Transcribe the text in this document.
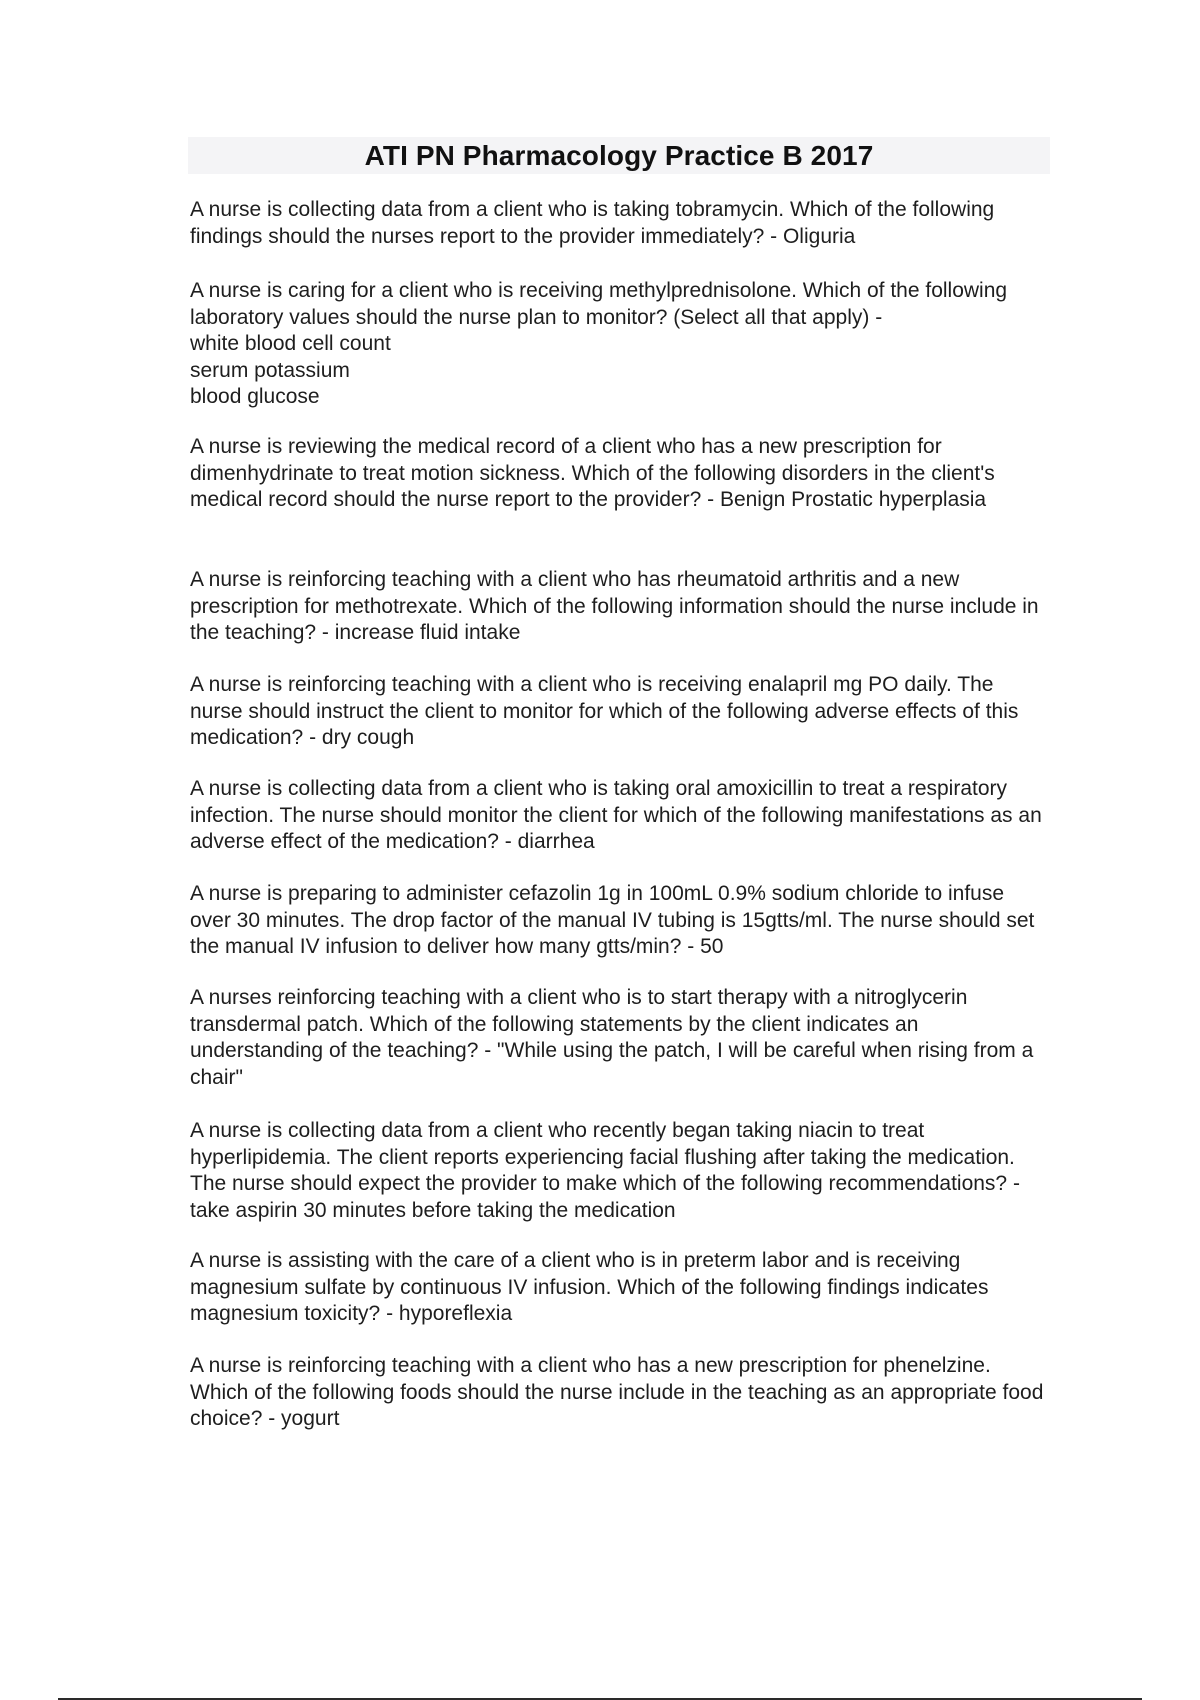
ATI PN Pharmacology Practice B 2017

A nurse is collecting data from a client who is taking tobramycin. Which of the following findings should the nurses report to the provider immediately? - Oliguria

A nurse is caring for a client who is receiving methylprednisolone. Which of the following laboratory values should the nurse plan to monitor? (Select all that apply) -

white blood cell count
serum potassium
blood glucose

A nurse is reviewing the medical record of a client who has a new prescription for dimenhydrinate to treat motion sickness. Which of the following disorders in the client's medical record should the nurse report to the provider? - Benign Prostatic hyperplasia

A nurse is reinforcing teaching with a client who has rheumatoid arthritis and a new prescription for methotrexate. Which of the following information should the nurse include in the teaching? - increase fluid intake

A nurse is reinforcing teaching with a client who is receiving enalapril mg PO daily. The nurse should instruct the client to monitor for which of the following adverse effects of this medication? - dry cough

A nurse is collecting data from a client who is taking oral amoxicillin to treat a respiratory infection. The nurse should monitor the client for which of the following manifestations as an adverse effect of the medication? - diarrhea

A nurse is preparing to administer cefazolin 1g in 100mL 0.9% sodium chloride to infuse over 30 minutes. The drop factor of the manual IV tubing is 15gtts/ml. The nurse should set the manual IV infusion to deliver how many gtts/min? - 50

A nurses reinforcing teaching with a client who is to start therapy with a nitroglycerin transdermal patch. Which of the following statements by the client indicates an understanding of the teaching? - "While using the patch, I will be careful when rising from a chair"

A nurse is collecting data from a client who recently began taking niacin to treat hyperlipidemia. The client reports experiencing facial flushing after taking the medication. The nurse should expect the provider to make which of the following recommendations? - take aspirin 30 minutes before taking the medication

A nurse is assisting with the care of a client who is in preterm labor and is receiving magnesium sulfate by continuous IV infusion. Which of the following findings indicates magnesium toxicity? - hyporeflexia

A nurse is reinforcing teaching with a client who has a new prescription for phenelzine. Which of the following foods should the nurse include in the teaching as an appropriate food choice? - yogurt
